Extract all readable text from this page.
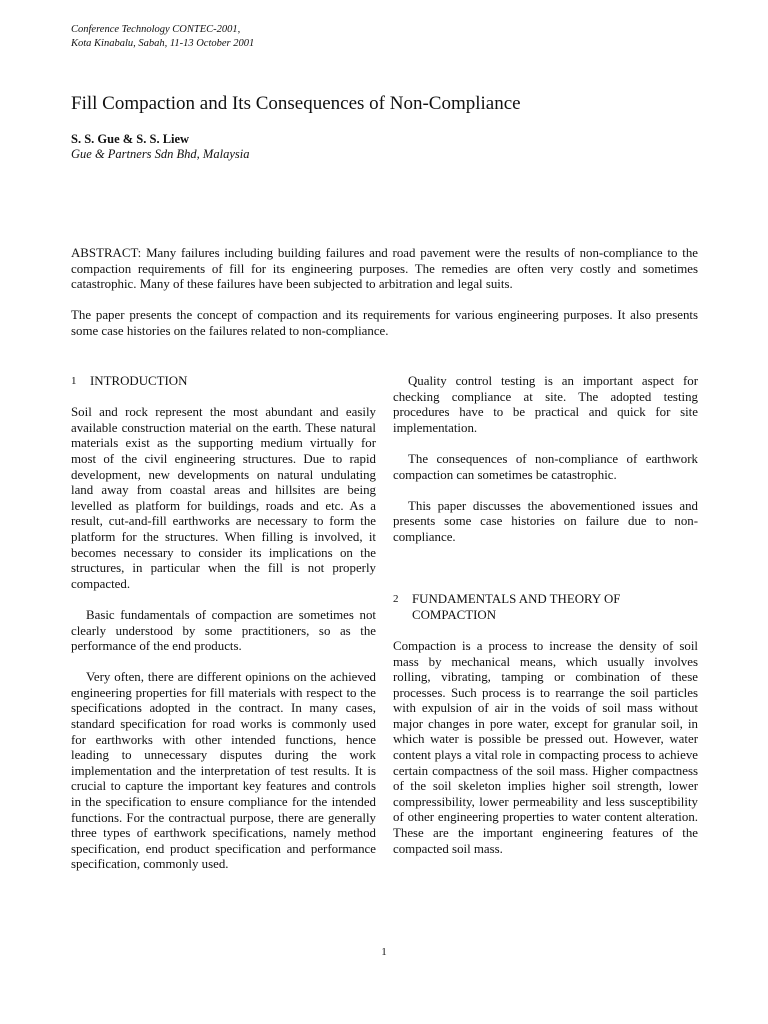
Conference Technology CONTEC-2001,
Kota Kinabalu, Sabah, 11-13 October 2001
Fill Compaction and Its Consequences of Non-Compliance
S. S. Gue & S. S. Liew
Gue & Partners Sdn Bhd, Malaysia

ABSTRACT: Many failures including building failures and road pavement were the results of non-compliance to the compaction requirements of fill for its engineering purposes. The remedies are often very costly and sometimes catastrophic. Many of these failures have been subjected to arbitration and legal suits.

The paper presents the concept of compaction and its requirements for various engineering purposes. It also presents some case histories on the failures related to non-compliance.

1	INTRODUCTION

Soil and rock represent the most abundant and easily available construction material on the earth. These natural materials exist as the supporting medium virtually for most of the civil engineering structures. Due to rapid development, new developments on natural undulating land away from coastal areas and hillsites are being levelled as platform for buildings, roads and etc. As a result, cut-and-fill earthworks are necessary to form the platform for the structures. When filling is involved, it becomes necessary to consider its implications on the structures, in particular when the fill is not properly compacted.

Basic fundamentals of compaction are sometimes not clearly understood by some practitioners, so as the performance of the end products.

Very often, there are different opinions on the achieved engineering properties for fill materials with respect to the specifications adopted in the contract. In many cases, standard specification for road works is commonly used for earthworks with other intended functions, hence leading to unnecessary disputes during the work implementation and the interpretation of test results. It is crucial to capture the important key features and controls in the specification to ensure compliance for the intended functions. For the contractual purpose, there are generally three types of earthwork specifications, namely method specification, end product specification and performance specification, commonly used.

Quality control testing is an important aspect for checking compliance at site. The adopted testing procedures have to be practical and quick for site implementation.

The consequences of non-compliance of earthwork compaction can sometimes be catastrophic.

This paper discusses the abovementioned issues and presents some case histories on failure due to non-compliance.

2	FUNDAMENTALS AND THEORY OF COMPACTION

Compaction is a process to increase the density of soil mass by mechanical means, which usually involves rolling, vibrating, tamping or combination of these processes. Such process is to rearrange the soil particles with expulsion of air in the voids of soil mass without major changes in pore water, except for granular soil, in which water is possible be pressed out. However, water content plays a vital role in compacting process to achieve certain compactness of the soil mass. Higher compactness of the soil skeleton implies higher soil strength, lower compressibility, lower permeability and less susceptibility of other engineering properties to water content alteration. These are the important engineering features of the compacted soil mass.

1
